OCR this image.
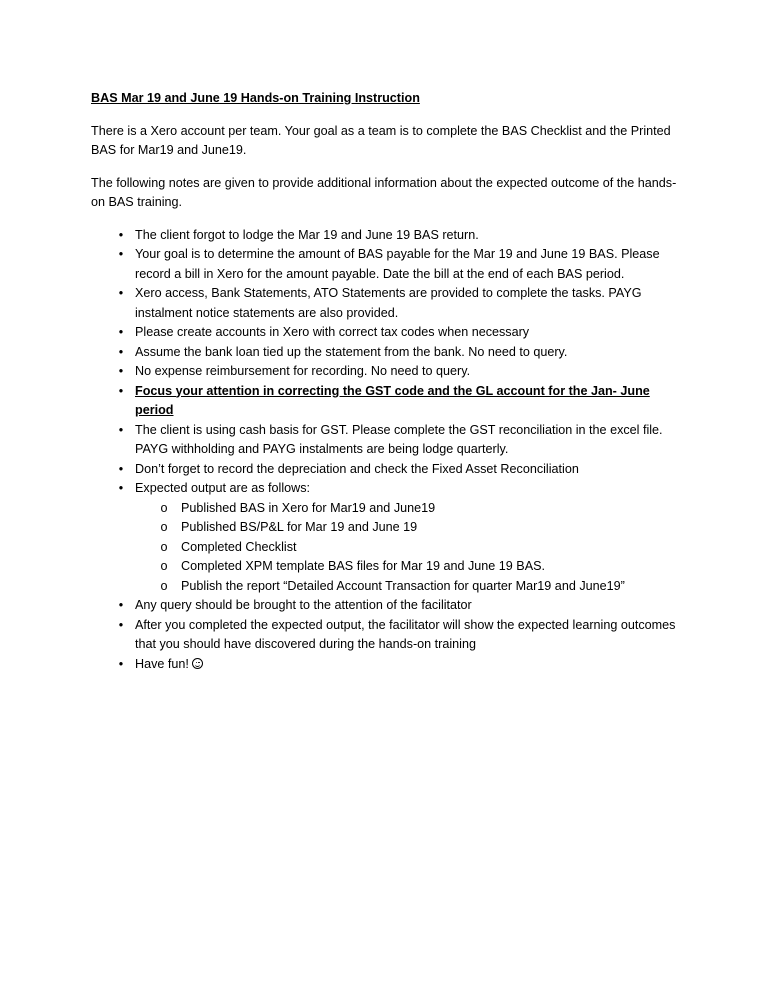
BAS Mar 19 and June 19 Hands-on Training Instruction
There is a Xero account per team. Your goal as a team is to complete the BAS Checklist and the Printed BAS for Mar19 and June19.
The following notes are given to provide additional information about the expected outcome of the hands-on BAS training.
• The client forgot to lodge the Mar 19 and June 19 BAS return.
• Your goal is to determine the amount of BAS payable for the Mar 19 and June 19 BAS. Please record a bill in Xero for the amount payable. Date the bill at the end of each BAS period.
• Xero access, Bank Statements, ATO Statements are provided to complete the tasks. PAYG instalment notice statements are also provided.
• Please create accounts in Xero with correct tax codes when necessary
• Assume the bank loan tied up the statement from the bank. No need to query.
• No expense reimbursement for recording. No need to query.
• Focus your attention in correcting the GST code and the GL account for the Jan- June period
• The client is using cash basis for GST. Please complete the GST reconciliation in the excel file. PAYG withholding and PAYG instalments are being lodge quarterly.
• Don’t forget to record the depreciation and check the Fixed Asset Reconciliation
• Expected output are as follows:
o Published BAS in Xero for Mar19 and June19
o Published BS/P&L for Mar 19 and June 19
o Completed Checklist
o Completed XPM template BAS files for Mar 19 and June 19 BAS.
o Publish the report “Detailed Account Transaction for quarter Mar19 and June19”
• Any query should be brought to the attention of the facilitator
• After you completed the expected output, the facilitator will show the expected learning outcomes that you should have discovered during the hands-on training
• Have fun!
